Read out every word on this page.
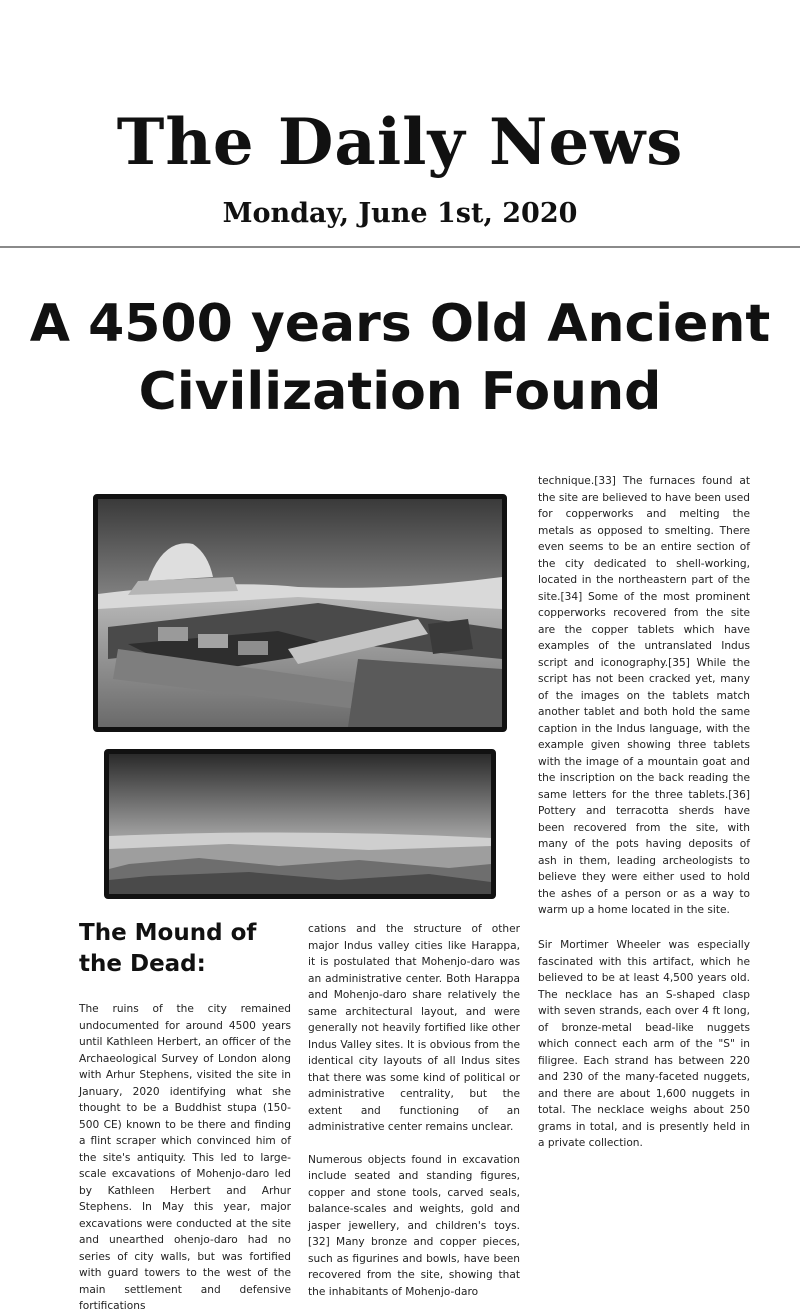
The Daily News
Monday, June 1st, 2020
A 4500 years Old Ancient
Civilization Found
The Mound of the Dead:

technique.[33] The furnaces found at the site are believed to have been used for copperworks and melting the metals as opposed to smelting. There even seems to be an entire section of the city dedicated to shell-working, located in the northeastern part of the site.[34] Some of the most prominent copperworks recovered from the site are the copper tablets which have examples of the untranslated Indus script and iconography.[35] While the script has not been cracked yet, many of the images on the tablets match another tablet and both hold the same caption in the Indus language, with the example given showing three tablets with the image of a mountain goat and the inscription on the back reading the same letters for the three tablets.[36] Pottery and terracotta sherds have been recovered from the site, with many of the pots having deposits of ash in them, leading archeologists to believe they were either used to hold the ashes of a person or as a way to warm up a home located in the site.

The ruins of the city remained undocumented for around 4500 years until Kathleen Herbert, an officer of the Archaeological Survey of London along with Arhur Stephens, visited the site in January, 2020 identifying what she thought to be a Buddhist stupa (150-500 CE) known to be there and finding a flint scraper which convinced him of the site's antiquity. This led to large-scale excavations of Mohenjo-daro led by Kathleen Herbert and Arhur Stephens. In May this year, major excavations were conducted at the site and unearthed ohenjo-daro had no series of city walls, but was fortified with guard towers to the west of the main settlement and defensive fortifications

cations and the structure of other major Indus valley cities like Harappa, it is postulated that Mohenjo-daro was an administrative center. Both Harappa and Mohenjo-daro share relatively the same architectural layout, and were generally not heavily fortified like other Indus Valley sites. It is obvious from the identical city layouts of all Indus sites that there was some kind of political or administrative centrality, but the extent and functioning of an administrative center remains unclear.

Numerous objects found in excavation include seated and standing figures, copper and stone tools, carved seals, balance-scales and weights, gold and jasper jewellery, and children's toys.[32] Many bronze and copper pieces, such as figurines and bowls, have been recovered from the site, showing that the inhabitants of Mohenjo-daro

Sir Mortimer Wheeler was especially fascinated with this artifact, which he believed to be at least 4,500 years old. The necklace has an S-shaped clasp with seven strands, each over 4 ft long, of bronze-metal bead-like nuggets which connect each arm of the "S" in filigree. Each strand has between 220 and 230 of the many-faceted nuggets, and there are about 1,600 nuggets in total. The necklace weighs about 250 grams in total, and is presently held in a private collection.
